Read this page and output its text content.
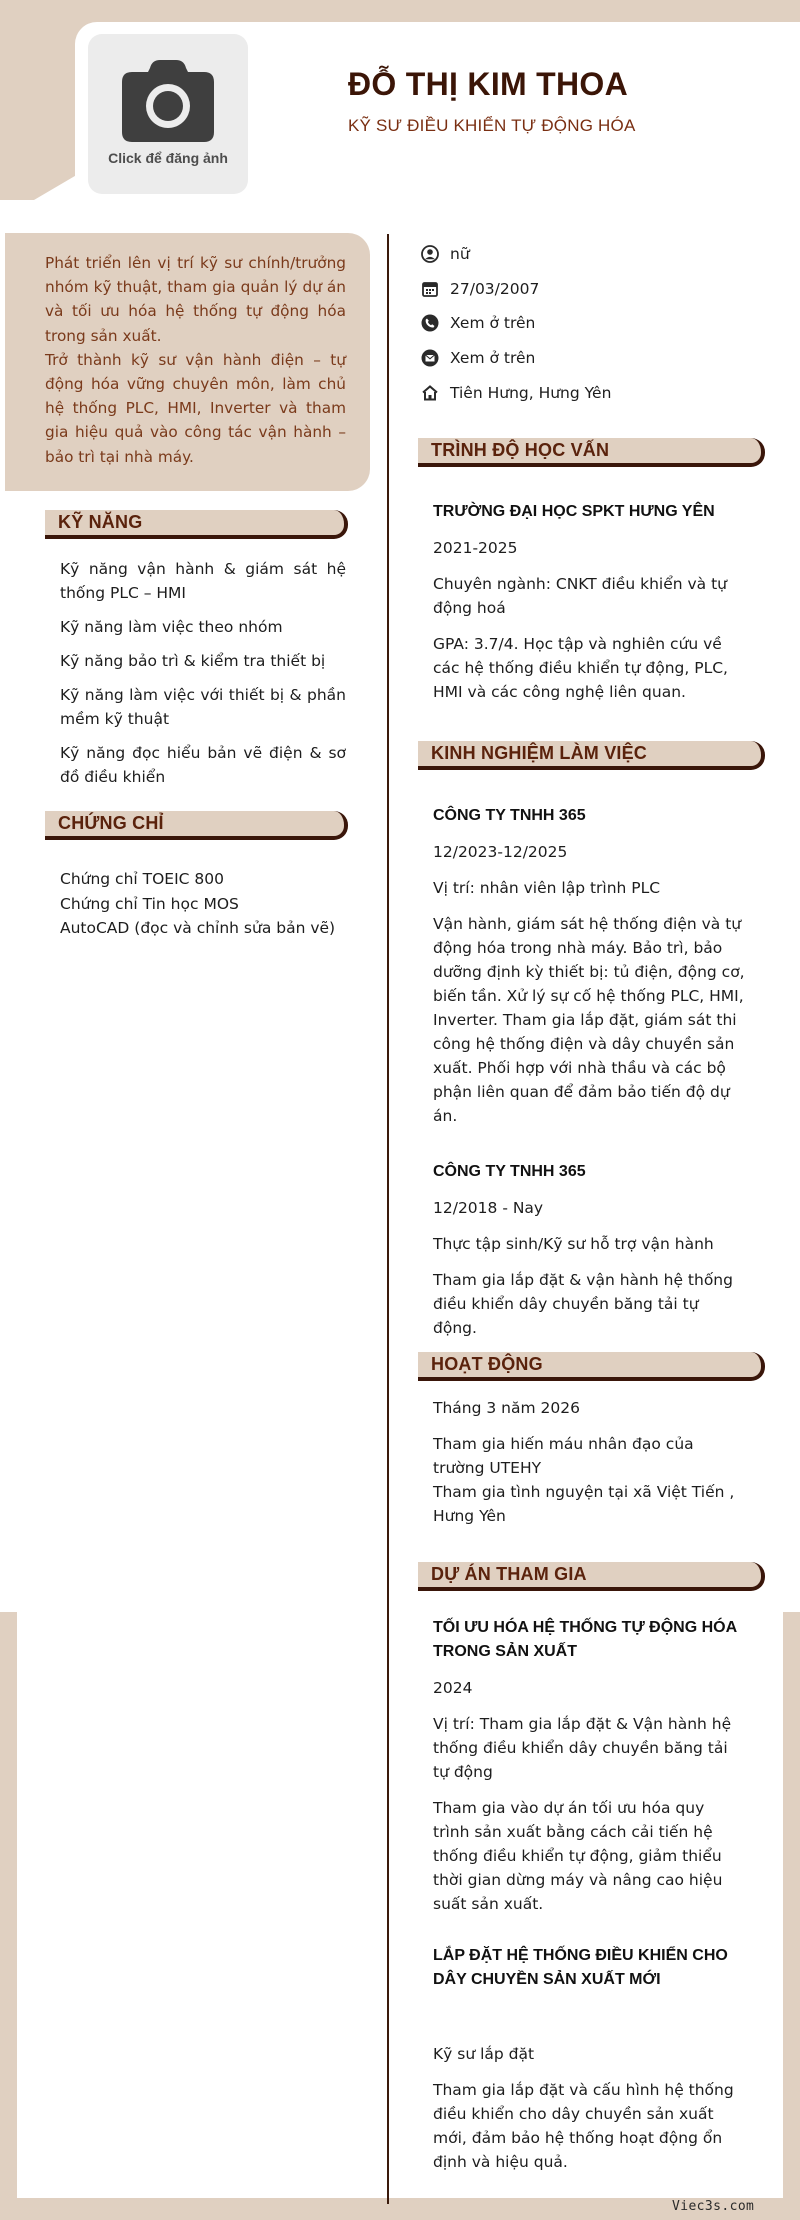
Click để đăng ảnh
ĐỖ THỊ KIM THOA
KỸ SƯ ĐIỀU KHIỂN TỰ ĐỘNG HÓA

Phát triển lên vị trí kỹ sư chính/trưởng nhóm kỹ thuật, tham gia quản lý dự án và tối ưu hóa hệ thống tự động hóa trong sản xuất.

Trở thành kỹ sư vận hành điện – tự động hóa vững chuyên môn, làm chủ hệ thống PLC, HMI, Inverter và tham gia hiệu quả vào công tác vận hành – bảo trì tại nhà máy.

KỸ NĂNG
Kỹ năng vận hành & giám sát hệ thống PLC – HMI
Kỹ năng làm việc theo nhóm
Kỹ năng bảo trì & kiểm tra thiết bị
Kỹ năng làm việc với thiết bị & phần mềm kỹ thuật
Kỹ năng đọc hiểu bản vẽ điện & sơ đồ điều khiển
CHỨNG CHỈ
Chứng chỉ TOEIC 800
Chứng chỉ Tin học MOS
AutoCAD (đọc và chỉnh sửa bản vẽ)
nữ
27/03/2007
Xem ở trên
Xem ở trên
Tiên Hưng, Hưng Yên
TRÌNH ĐỘ HỌC VẤN
TRƯỜNG ĐẠI HỌC SPKT HƯNG YÊN
2021-2025
Chuyên ngành: CNKT điều khiển và tự động hoá
GPA: 3.7/4. Học tập và nghiên cứu về các hệ thống điều khiển tự động, PLC, HMI và các công nghệ liên quan.
KINH NGHIỆM LÀM VIỆC
CÔNG TY TNHH 365
12/2023-12/2025
Vị trí: nhân viên lập trình PLC
Vận hành, giám sát hệ thống điện và tự động hóa trong nhà máy. Bảo trì, bảo dưỡng định kỳ thiết bị: tủ điện, động cơ, biến tần. Xử lý sự cố hệ thống PLC, HMI, Inverter. Tham gia lắp đặt, giám sát thi công hệ thống điện và dây chuyền sản xuất. Phối hợp với nhà thầu và các bộ phận liên quan để đảm bảo tiến độ dự án.
CÔNG TY TNHH 365
12/2018 - Nay
Thực tập sinh/Kỹ sư hỗ trợ vận hành
Tham gia lắp đặt & vận hành hệ thống điều khiển dây chuyền băng tải tự động.
HOẠT ĐỘNG
Tháng 3 năm 2026
Tham gia hiến máu nhân đạo của trường UTEHY
Tham gia tình nguyện tại xã Việt Tiến , Hưng Yên
DỰ ÁN THAM GIA
TỐI ƯU HÓA HỆ THỐNG TỰ ĐỘNG HÓA TRONG SẢN XUẤT
2024
Vị trí: Tham gia lắp đặt & Vận hành hệ thống điều khiển dây chuyền băng tải tự động
Tham gia vào dự án tối ưu hóa quy trình sản xuất bằng cách cải tiến hệ thống điều khiển tự động, giảm thiểu thời gian dừng máy và nâng cao hiệu suất sản xuất.
LẮP ĐẶT HỆ THỐNG ĐIỀU KHIỂN CHO DÂY CHUYỀN SẢN XUẤT MỚI
Kỹ sư lắp đặt
Tham gia lắp đặt và cấu hình hệ thống điều khiển cho dây chuyền sản xuất mới, đảm bảo hệ thống hoạt động ổn định và hiệu quả.
Viec3s.com
